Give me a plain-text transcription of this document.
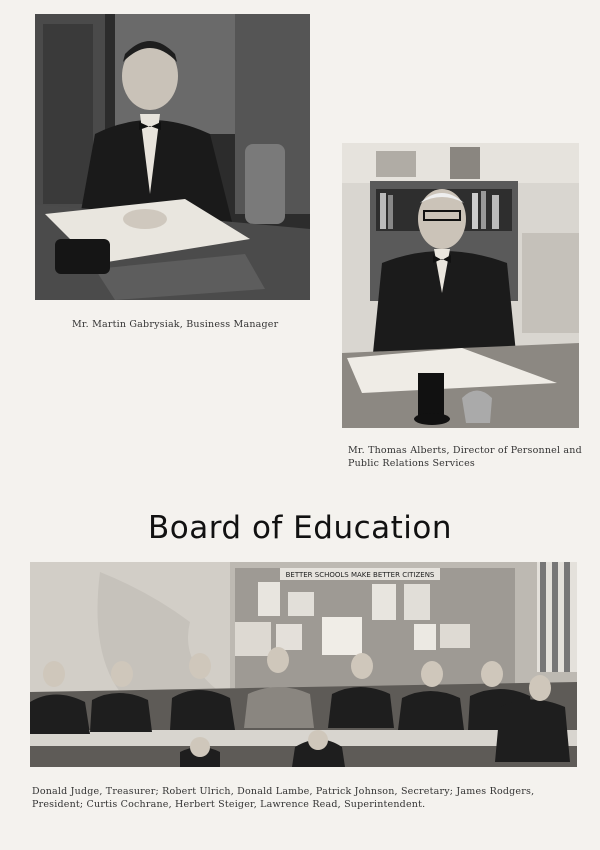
Mr. Martin Gabrysiak, Business Manager
Mr. Thomas Alberts, Director of Personnel and Public Relations Services
Board of Education
BETTER SCHOOLS MAKE BETTER CITIZENS
Donald Judge, Treasurer; Robert Ulrich, Donald Lambe, Patrick Johnson, Secretary; James Rodgers, President; Curtis Cochrane, Herbert Steiger, Lawrence Read, Superintendent.
